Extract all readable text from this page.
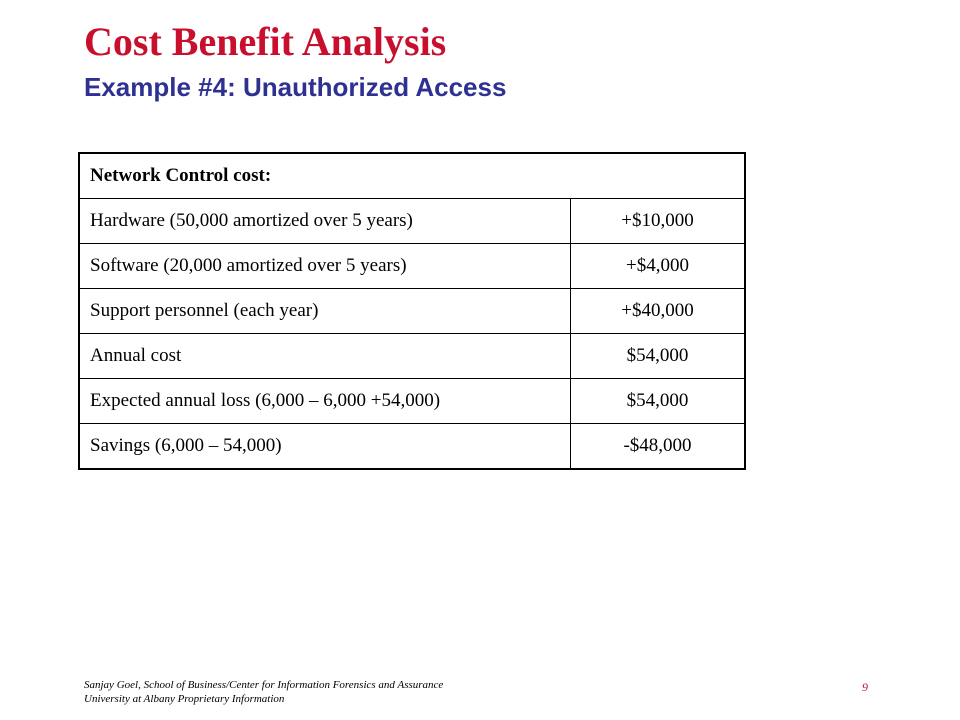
Cost Benefit Analysis
Example #4: Unauthorized Access
Network Control cost:	
Hardware (50,000 amortized over 5 years)	+$10,000
Software (20,000 amortized over 5 years)	+$4,000
Support personnel (each year)	+$40,000
Annual cost	$54,000
Expected annual loss (6,000 – 6,000 +54,000)	$54,000
Savings (6,000 – 54,000)	-$48,000
Sanjay Goel, School of Business/Center for Information Forensics and Assurance
University at Albany Proprietary Information
9
